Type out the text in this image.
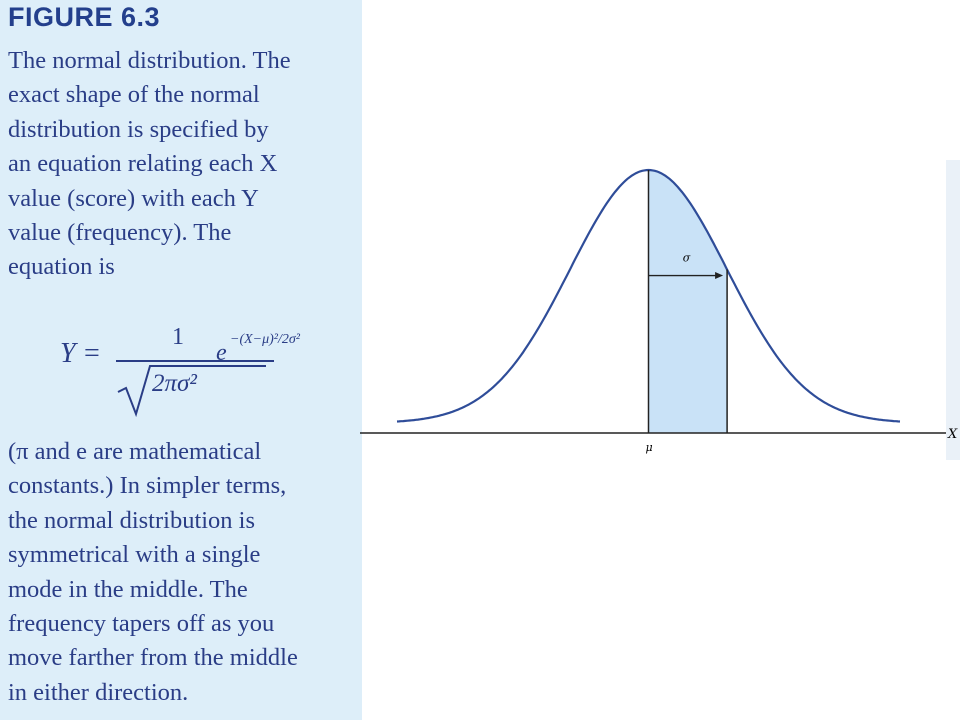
FIGURE 6.3
The normal distribution. The
exact shape of the normal
distribution is specified by
an equation relating each X
value (score) with each Y
value (frequency). The
equation is
Y =
1
2πσ²
e
−(X−μ)²/2σ²
(π and e are mathematical
constants.) In simpler terms,
the normal distribution is
symmetrical with a single
mode in the middle. The
frequency tapers off as you
move farther from the middle
in either direction.
σ
μ
X
